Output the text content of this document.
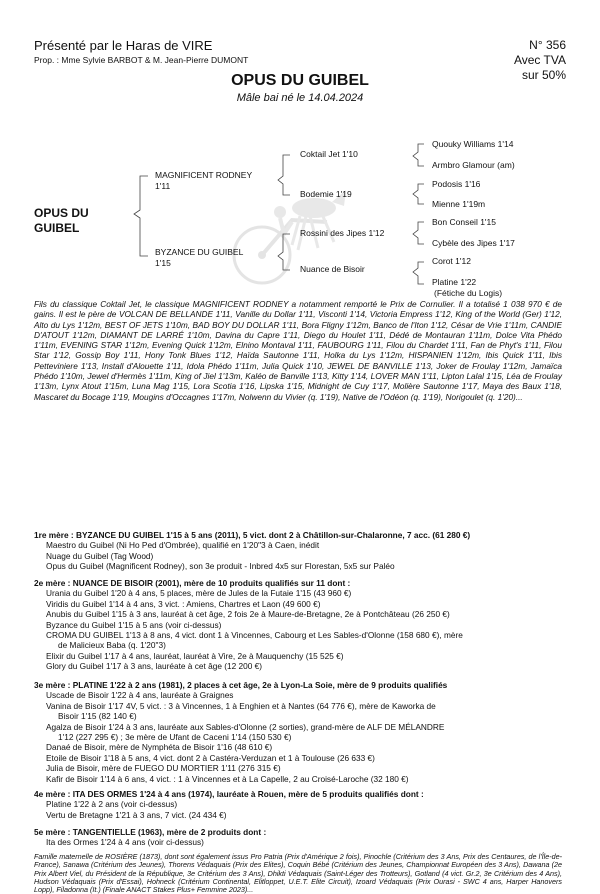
Présenté par le Haras de VIRE
Prop. : Mme Sylvie BARBOT & M. Jean-Pierre DUMONT
N° 356
Avec TVA
sur 50%
OPUS DU GUIBEL
Mâle bai né le 14.04.2024
OPUS DU
GUIBEL
MAGNIFICENT RODNEY
1'11
BYZANCE DU GUIBEL
1'15
Coktail Jet 1'10
Bodemie 1'19
Rossini des Jipes 1'12
Nuance de Bisoir
Quouky Williams 1'14
Armbro Glamour (am)
Podosis 1'16
Mienne 1'19m
Bon Conseil 1'15
Cybèle des Jipes 1'17
Corot 1'12
Platine 1'22
(Fétiche du Logis)
Fils du classique Coktail Jet, le classique MAGNIFICENT RODNEY a notamment remporté le Prix de Cornulier. Il a totalisé 1 038 970 € de gains. Il est le père de VOLCAN DE BELLANDE 1'11, Vanille du Dollar 1'11, Visconti 1'14, Victoria Empress 1'12, King of the World (Ger) 1'12, Alto du Lys 1'12m, BEST OF JETS 1'10m, BAD BOY DU DOLLAR 1'11, Bora Fligny 1'12m, Banco de l'Iton 1'12, César de Vrie 1'11m, CANDIE D'ATOUT 1'12m, DIAMANT DE LARRÉ 1'10m, Davina du Capre 1'11, Diego du Houlet 1'11, Dédé de Montauran 1'11m, Dolce Vita Phédo 1'11m, EVENING STAR 1'12m, Evening Quick 1'12m, Elnino Montaval 1'11, FAUBOURG 1'11, Filou du Chardet 1'11, Fan de Phyt's 1'11, Filou Star 1'12, Gossip Boy 1'11, Hony Tonk Blues 1'12, Haïda Sautonne 1'11, Holka du Lys 1'12m, HISPANIEN 1'12m, Ibis Quick 1'11, Ibis Petteviniere 1'13, Install d'Alouette 1'11, Idola Phédo 1'11m, Julia Quick 1'10, JEWEL DE BANVILLE 1'13, Joker de Froulay 1'12m, Jamaïca Phédo 1'10m, Jewel d'Hermès 1'11m, King of Jiel 1'13m, Kaléo de Banville 1'13, Kitty 1'14, LOVER MAN 1'11, Lipton Lalal 1'15, Léa de Froulay 1'13m, Lynx Atout 1'15m, Luna Mag 1'15, Lora Scotia 1'16, Lipska 1'15, Midnight de Cuy 1'17, Molière Sautonne 1'17, Maya des Baux 1'18, Mascaret du Bocage 1'19, Mougins d'Occagnes 1'17m, Nolwenn du Vivier (q. 1'19), Native de l'Odéon (q. 1'19), Norigoulet (q. 1'20)...
1re mère : BYZANCE DU GUIBEL 1'15 à 5 ans (2011), 5 vict. dont 2 à Châtillon-sur-Chalaronne, 7 acc. (61 280 €)
Maestro du Guibel (Ni Ho Ped d'Ombrée), qualifié en 1'20"3 à Caen, inédit
Nuage du Guibel (Tag Wood)
Opus du Guibel (Magnificent Rodney), son 3e produit - Inbred 4x5 sur Florestan, 5x5 sur Paléo
2e mère : NUANCE DE BISOIR (2001), mère de 10 produits qualifiés sur 11 dont :
Urania du Guibel 1'20 à 4 ans, 5 places, mère de Jules de la Futaie 1'15 (43 960 €)
Viridis du Guibel 1'14 à 4 ans, 3 vict. : Amiens, Chartres et Laon (49 600 €)
Anubis du Guibel 1'15 à 3 ans, lauréat à cet âge, 2 fois 2e à Maure-de-Bretagne, 2e à Pontchâteau (26 250 €)
Byzance du Guibel 1'15 à 5 ans (voir ci-dessus)
CROMA DU GUIBEL 1'13 à 8 ans, 4 vict. dont 1 à Vincennes, Cabourg et Les Sables-d'Olonne (158 680 €), mère
de Malicieux Baba (q. 1'20"3)
Elixir du Guibel 1'17 à 4 ans, lauréat, lauréat à Vire, 2e à Mauquenchy (15 525 €)
Glory du Guibel 1'17 à 3 ans, lauréate à cet âge (12 200 €)
3e mère : PLATINE 1'22 à 2 ans (1981), 2 places à cet âge, 2e à Lyon-La Soie, mère de 9 produits qualifiés
Uscade de Bisoir 1'22 à 4 ans, lauréate à Graignes
Vanina de Bisoir 1'17 4V, 5 vict. : 3 à Vincennes, 1 à Enghien et à Nantes (64 776 €), mère de Kaworka de
Bisoir 1'15 (82 140 €)
Agalza de Bisoir 1'24 à 3 ans, lauréate aux Sables-d'Olonne (2 sorties), grand-mère de ALF DE MÉLANDRE
1'12 (227 295 €) ; 3e mère de Ufant de Caceni 1'14 (150 530 €)
Danaé de Bisoir, mère de Nymphéta de Bisoir 1'16 (48 610 €)
Etoile de Bisoir 1'18 à 5 ans, 4 vict. dont 2 à Castéra-Verduzan et 1 à Toulouse (26 633 €)
Julia de Bisoir, mère de FUEGO DU MORTIER 1'11 (276 315 €)
Kafir de Bisoir 1'14 à 6 ans, 4 vict. : 1 à Vincennes et à La Capelle, 2 au Croisé-Laroche (32 180 €)
4e mère : ITA DES ORMES 1'24 à 4 ans (1974), lauréate à Rouen, mère de 5 produits qualifiés dont :
Platine 1'22 à 2 ans (voir ci-dessus)
Vertu de Bretagne 1'21 à 3 ans, 7 vict. (24 434 €)
5e mère : TANGENTIELLE (1963), mère de 2 produits dont :
Ita des Ormes 1'24 à 4 ans (voir ci-dessus)
Famille maternelle de ROSIÈRE (1873), dont sont également issus Pro Patria (Prix d'Amérique 2 fois), Pinochle (Critérium des 3 Ans, Prix des Centaures, de l'Île-de-France), Sanawa (Critérium des Jeunes), Thorens Védaquais (Prix des Elites), Coquin Bébé (Critérium des Jeunes, Championnat Européen des 3 Ans), Dawana (2e Prix Albert Viel, du Président de la République, 3e Critérium des 3 Ans), Dhikti Védaquais (Saint-Léger des Trotteurs), Gotland (4 vict. Gr.2, 3e Critérium des 4 Ans), Hudson Védaquais (Prix d'Essai), Hohneck (Critérium Continental, Elitloppet, U.E.T. Elite Circuit), Izoard Védaquais (Prix Ourasi - SWC 4 ans, Harper Hanovers Lopp), Filadonna (It.) (Finale ANACT Stakes Plus+ Femmine 2023)...
